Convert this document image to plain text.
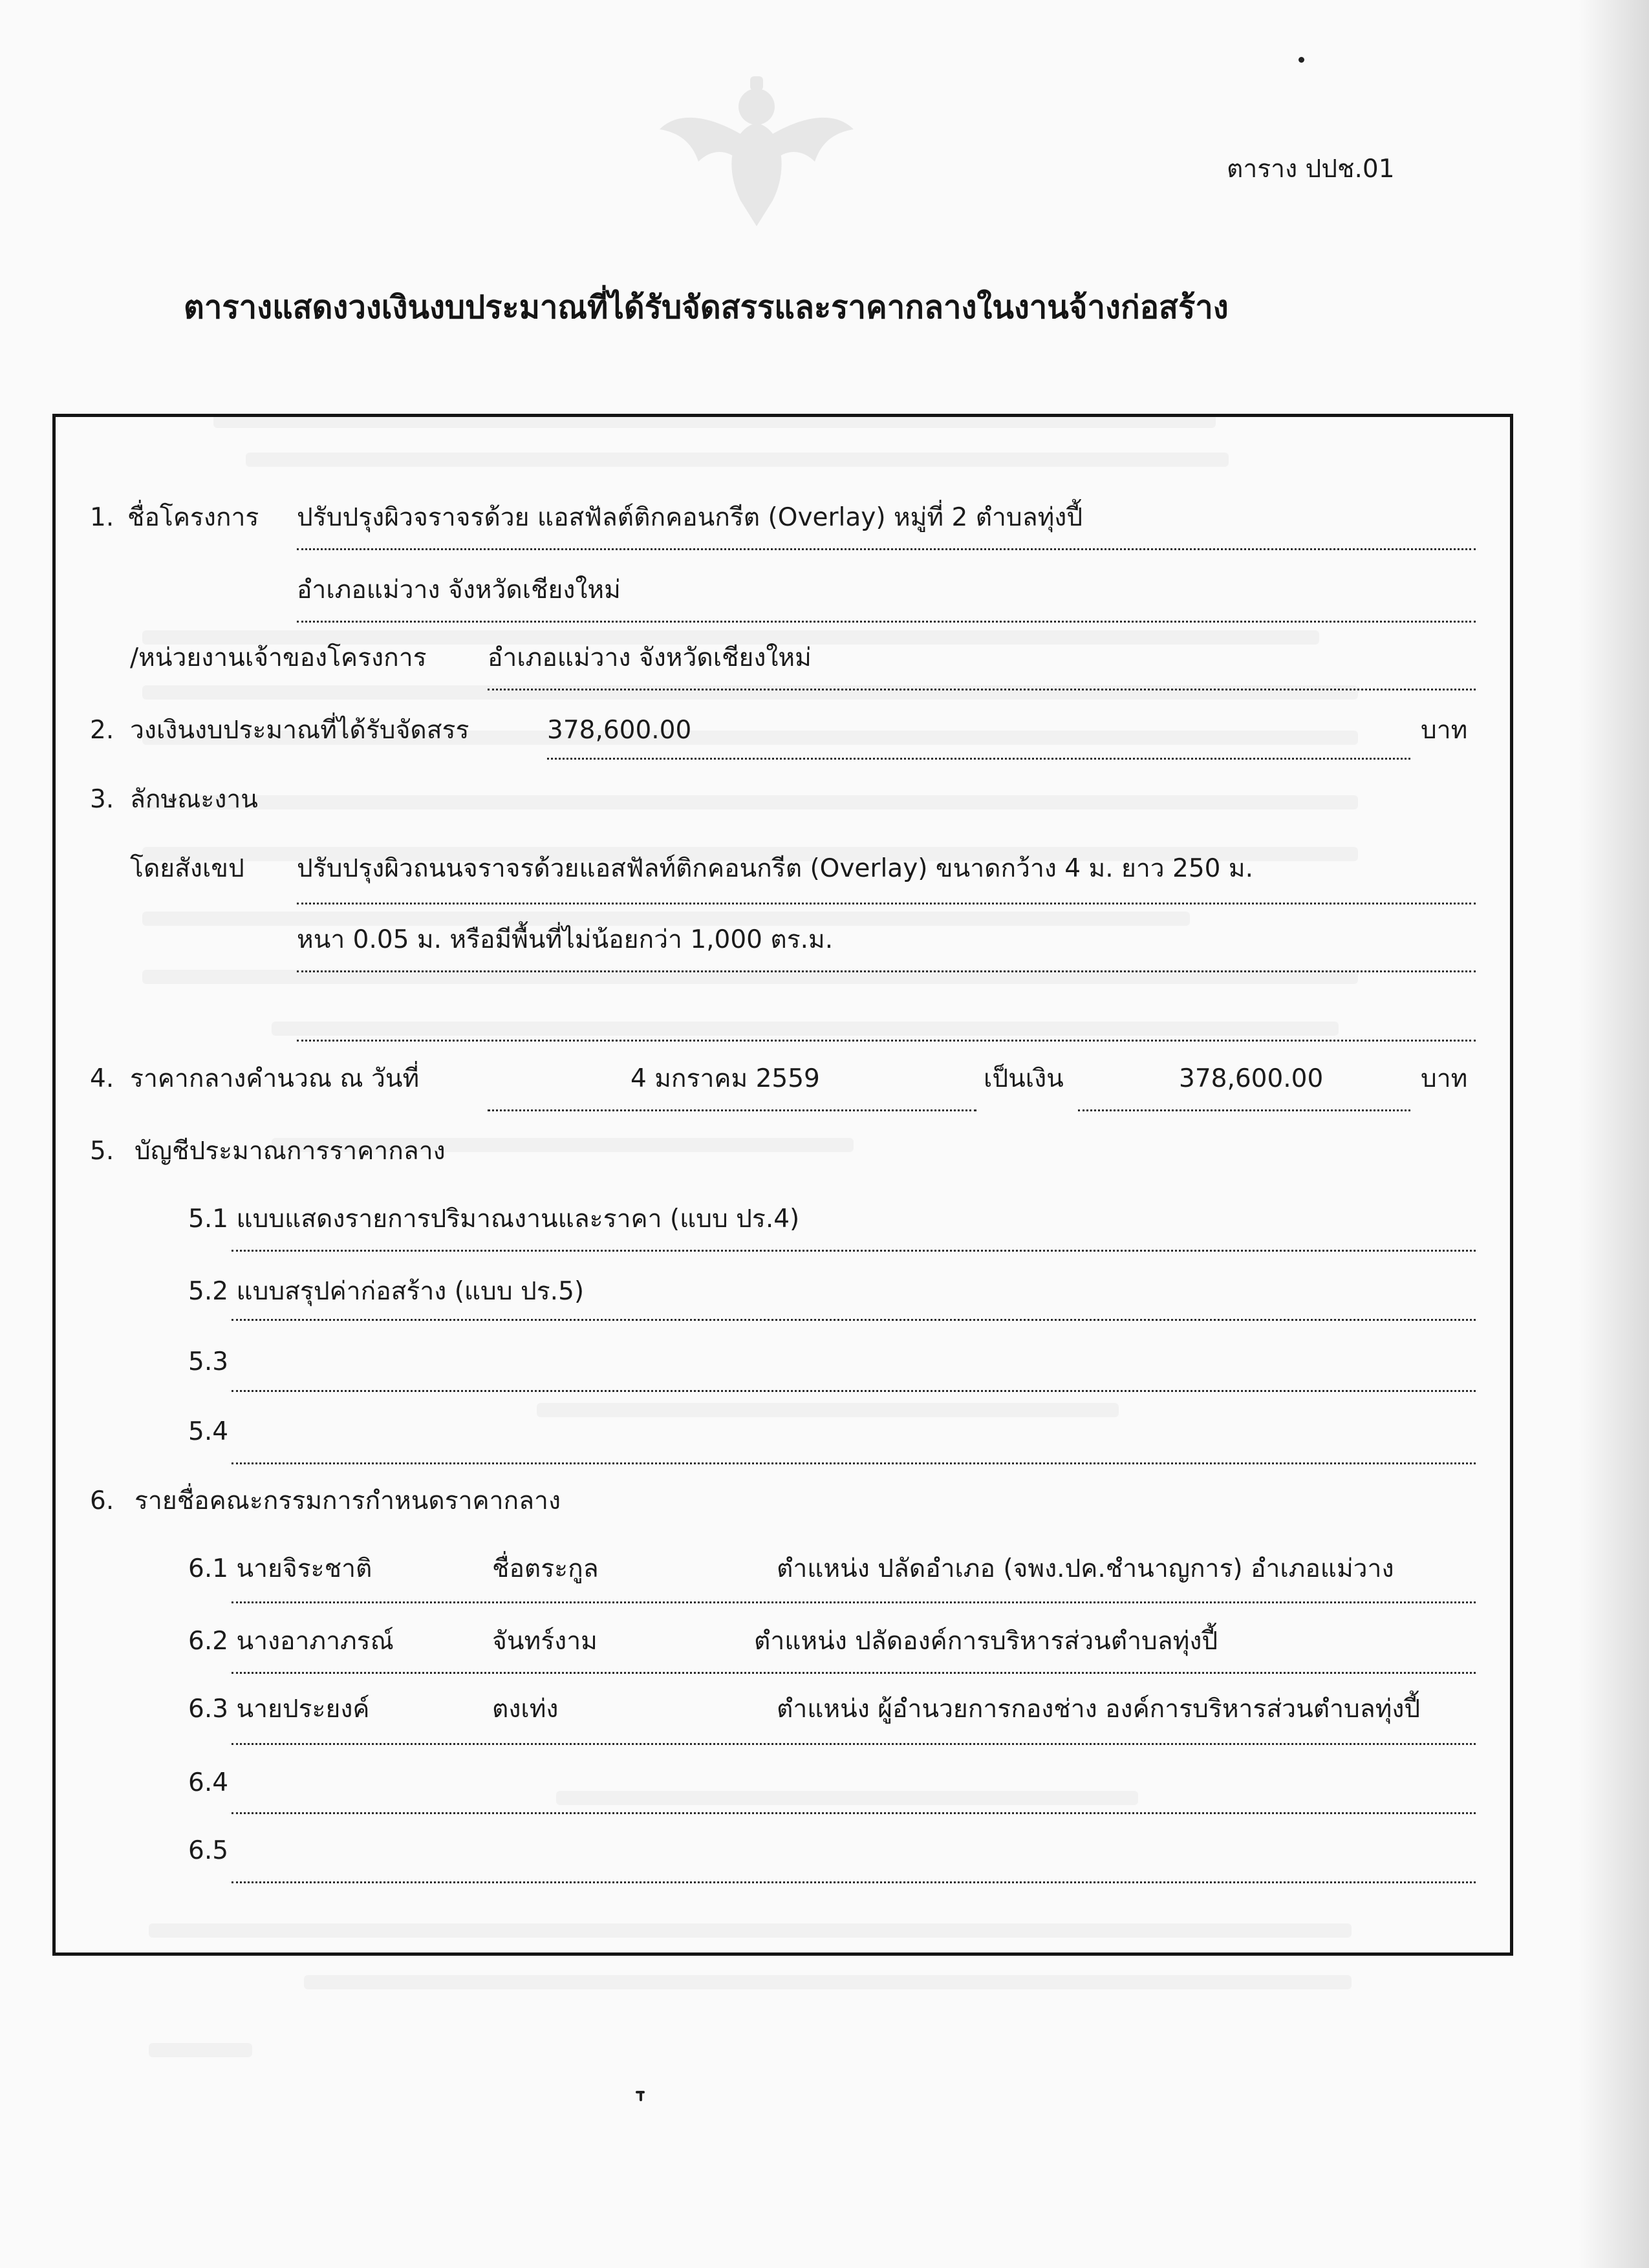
ตาราง ปปช.01
ตารางแสดงวงเงินงบประมาณที่ได้รับจัดสรรและราคากลางในงานจ้างก่อสร้าง
1. ชื่อโครงการ ปรับปรุงผิวจราจรด้วย แอสฟัลต์ติกคอนกรีต (Overlay) หมู่ที่ 2 ตำบลทุ่งปี้
อำเภอแม่วาง จังหวัดเชียงใหม่
/หน่วยงานเจ้าของโครงการ อำเภอแม่วาง จังหวัดเชียงใหม่
2. วงเงินงบประมาณที่ได้รับจัดสรร	378,600.00	บาท
3. ลักษณะงาน
โดยสังเขป ปรับปรุงผิวถนนจราจรด้วยแอสฟัลท์ติกคอนกรีต (Overlay) ขนาดกว้าง 4 ม. ยาว 250 ม.
หนา 0.05 ม. หรือมีพื้นที่ไม่น้อยกว่า 1,000 ตร.ม.
4. ราคากลางคำนวณ ณ วันที่	4 มกราคม 2559	เป็นเงิน	378,600.00	บาท
5. บัญชีประมาณการราคากลาง
5.1 แบบแสดงรายการปริมาณงานและราคา (แบบ ปร.4)
5.2 แบบสรุปค่าก่อสร้าง (แบบ ปร.5)
5.3
5.4
6. รายชื่อคณะกรรมการกำหนดราคากลาง
6.1 นายจิระชาติ	ชื่อตระกูล	ตำแหน่ง ปลัดอำเภอ (จพง.ปค.ชำนาญการ) อำเภอแม่วาง
6.2 นางอาภาภรณ์	จันทร์งาม	ตำแหน่ง ปลัดองค์การบริหารส่วนตำบลทุ่งปี้
6.3 นายประยงค์	ตงเท่ง	ตำแหน่ง ผู้อำนวยการกองช่าง องค์การบริหารส่วนตำบลทุ่งปี้
6.4
6.5
